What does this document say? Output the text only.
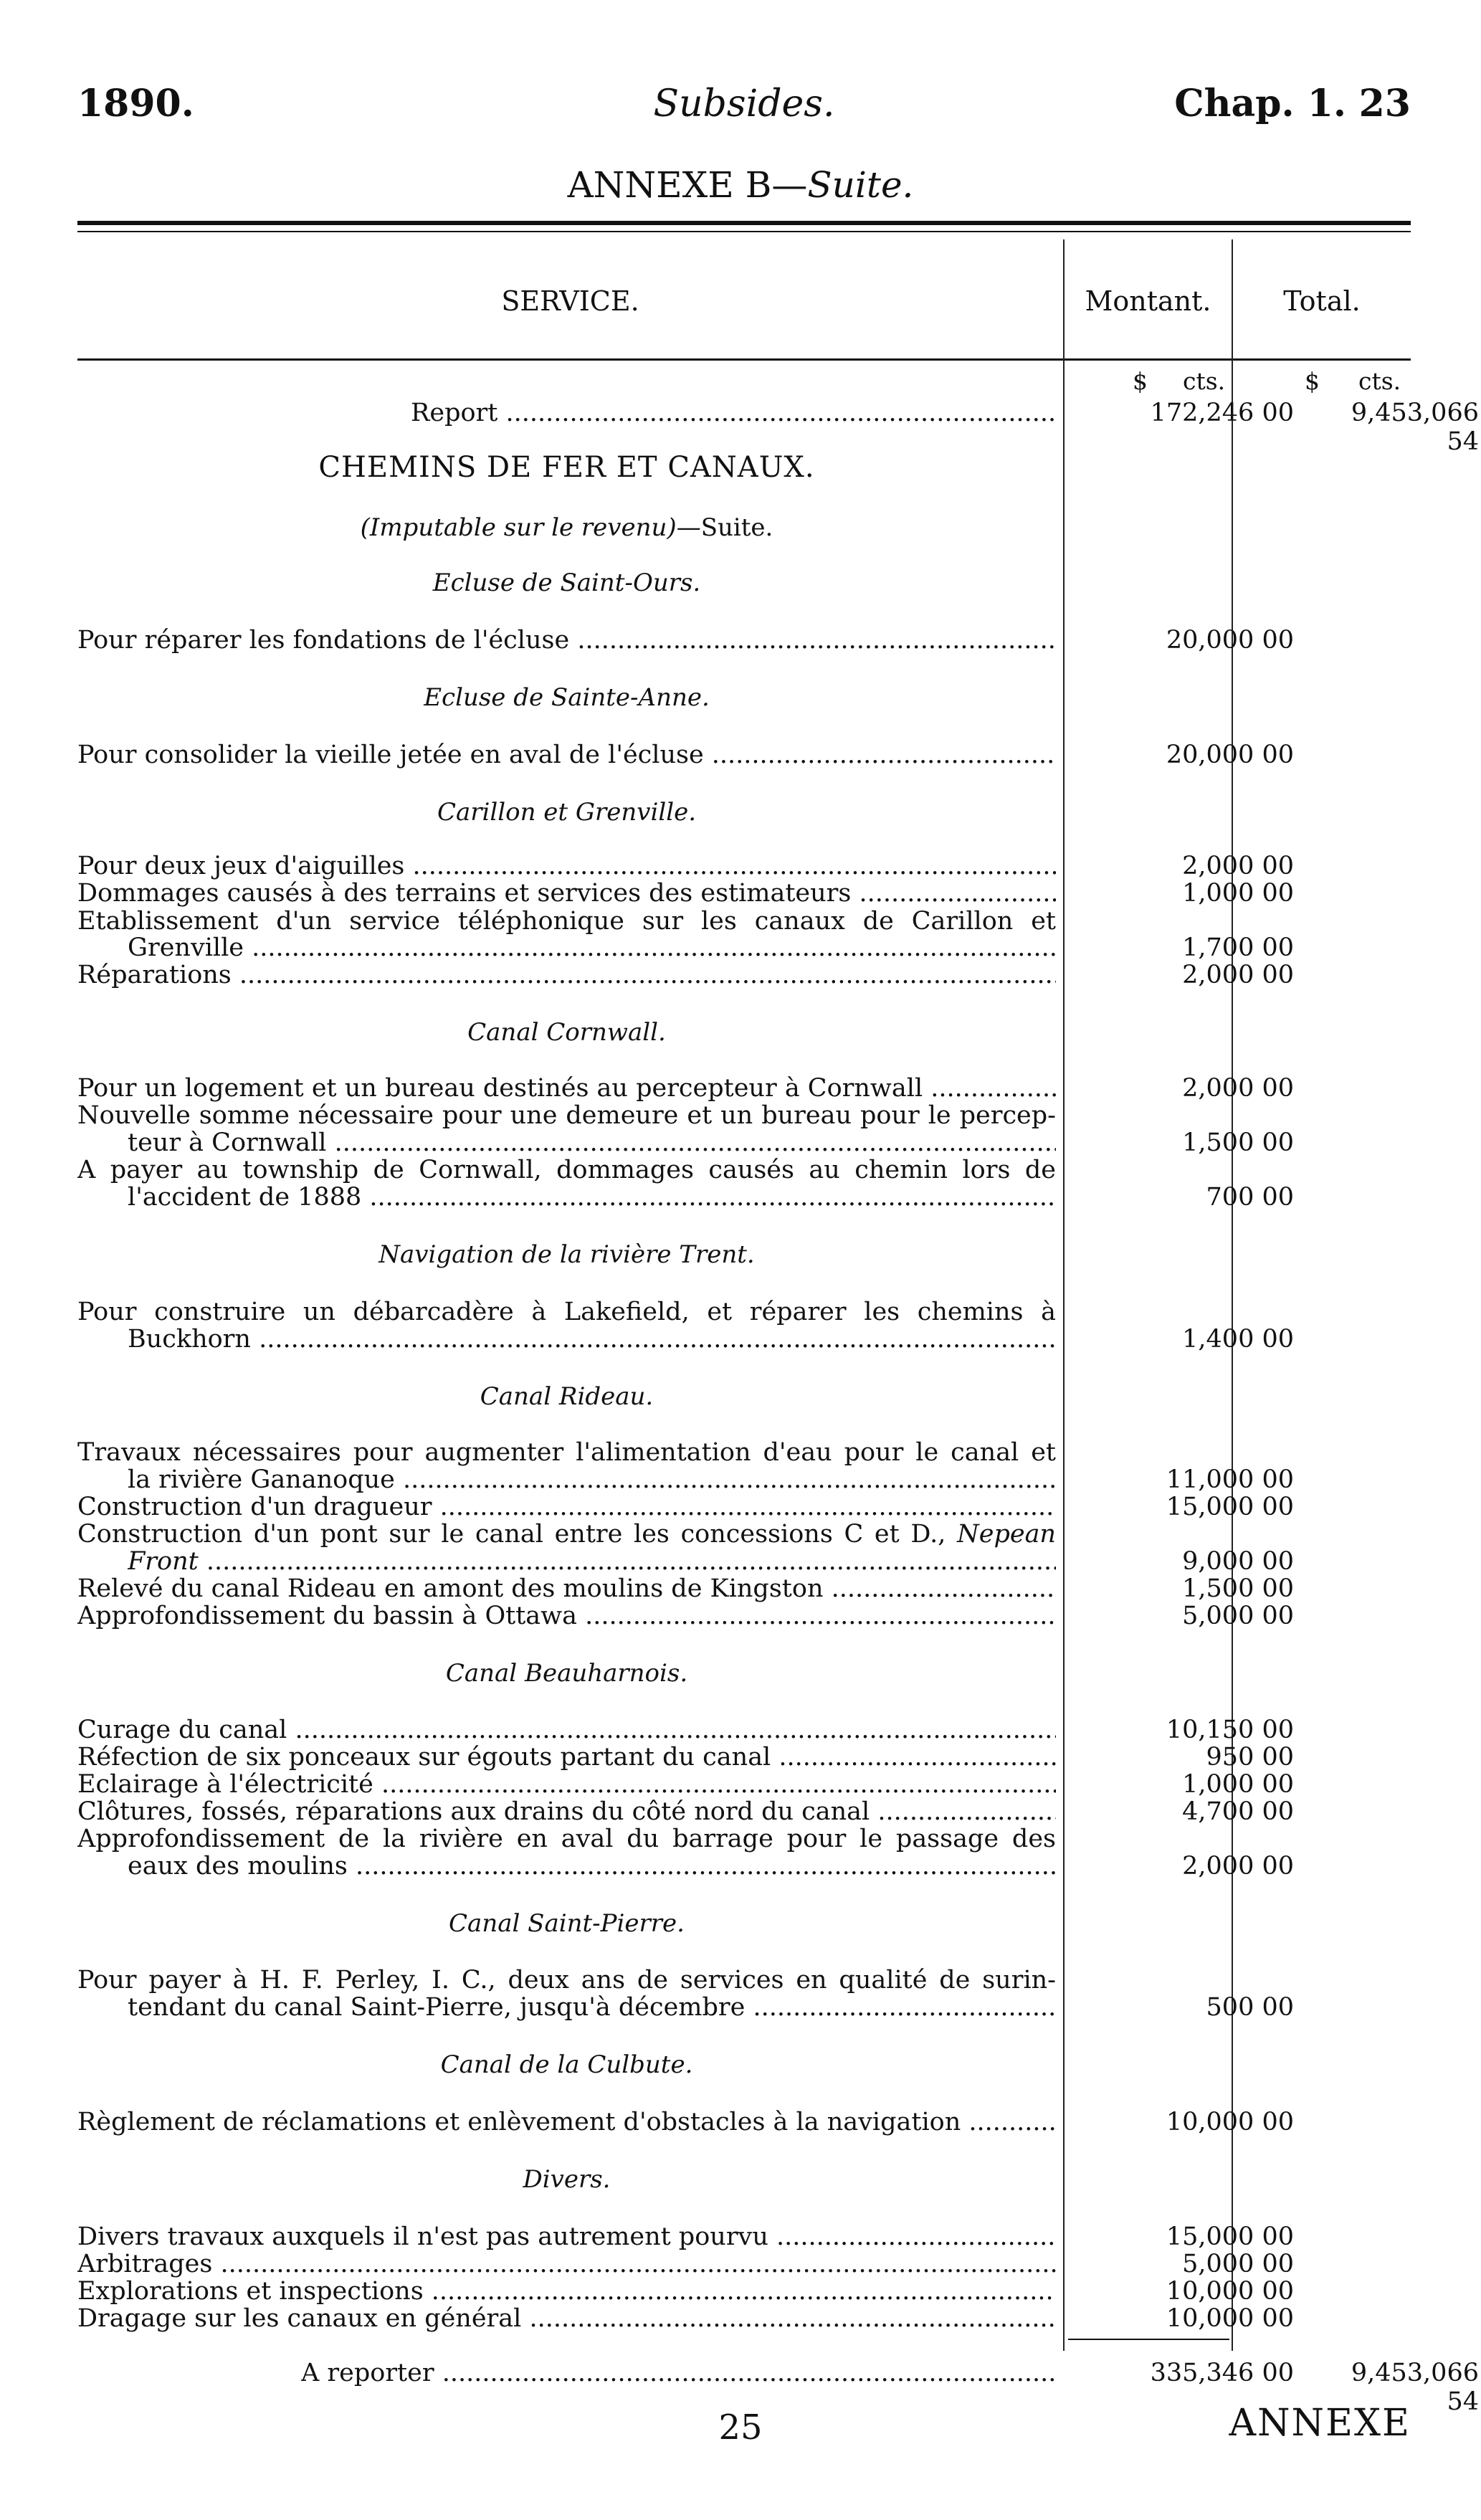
1890.	Subsides.	Chap. 1. 23
ANNEXE B—Suite.
SERVICE.	Montant.	Total.
$ cts.	$ cts.
Report .....	172,246 00	9,453,066 54
CHEMINS DE FER ET CANAUX.
(Imputable sur le revenu)—Suite.
Ecluse de Saint-Ours.
Pour réparer les fondations de l'écluse .....	20,000 00
Ecluse de Sainte-Anne.
Pour consolider la vieille jetée en aval de l'écluse .....	20,000 00
Carillon et Grenville.
Pour deux jeux d'aiguilles .....	2,000 00
Dommages causés à des terrains et services des estimateurs .....	1,000 00
Etablissement d'un service téléphonique sur les canaux de Carillon et
Grenville .....	1,700 00
Réparations .....	2,000 00
Canal Cornwall.
Pour un logement et un bureau destinés au percepteur à Cornwall .....	2,000 00
Nouvelle somme nécessaire pour une demeure et un bureau pour le percep-
teur à Cornwall .....	1,500 00
A payer au township de Cornwall, dommages causés au chemin lors de
l'accident de 1888 .....	700 00
Navigation de la rivière Trent.
Pour construire un débarcadère à Lakefield, et réparer les chemins à
Buckhorn .....	1,400 00
Canal Rideau.
Travaux nécessaires pour augmenter l'alimentation d'eau pour le canal et
la rivière Gananoque .....	11,000 00
Construction d'un dragueur .....	15,000 00
Construction d'un pont sur le canal entre les concessions C et D., Nepean
Front .....	9,000 00
Relevé du canal Rideau en amont des moulins de Kingston .....	1,500 00
Approfondissement du bassin à Ottawa .....	5,000 00
Canal Beauharnois.
Curage du canal .....	10,150 00
Réfection de six ponceaux sur égouts partant du canal .....	950 00
Eclairage à l'électricité .....	1,000 00
Clôtures, fossés, réparations aux drains du côté nord du canal .....	4,700 00
Approfondissement de la rivière en aval du barrage pour le passage des
eaux des moulins .....	2,000 00
Canal Saint-Pierre.
Pour payer à H. F. Perley, I. C., deux ans de services en qualité de surin-
tendant du canal Saint-Pierre, jusqu'à décembre .....	500 00
Canal de la Culbute.
Règlement de réclamations et enlèvement d'obstacles à la navigation .....	10,000 00
Divers.
Divers travaux auxquels il n'est pas autrement pourvu .....	15,000 00
Arbitrages .....	5,000 00
Explorations et inspections .....	10,000 00
Dragage sur les canaux en général .....	10,000 00
A reporter .....	335,346 00	9,453,066 54
25	ANNEXE
